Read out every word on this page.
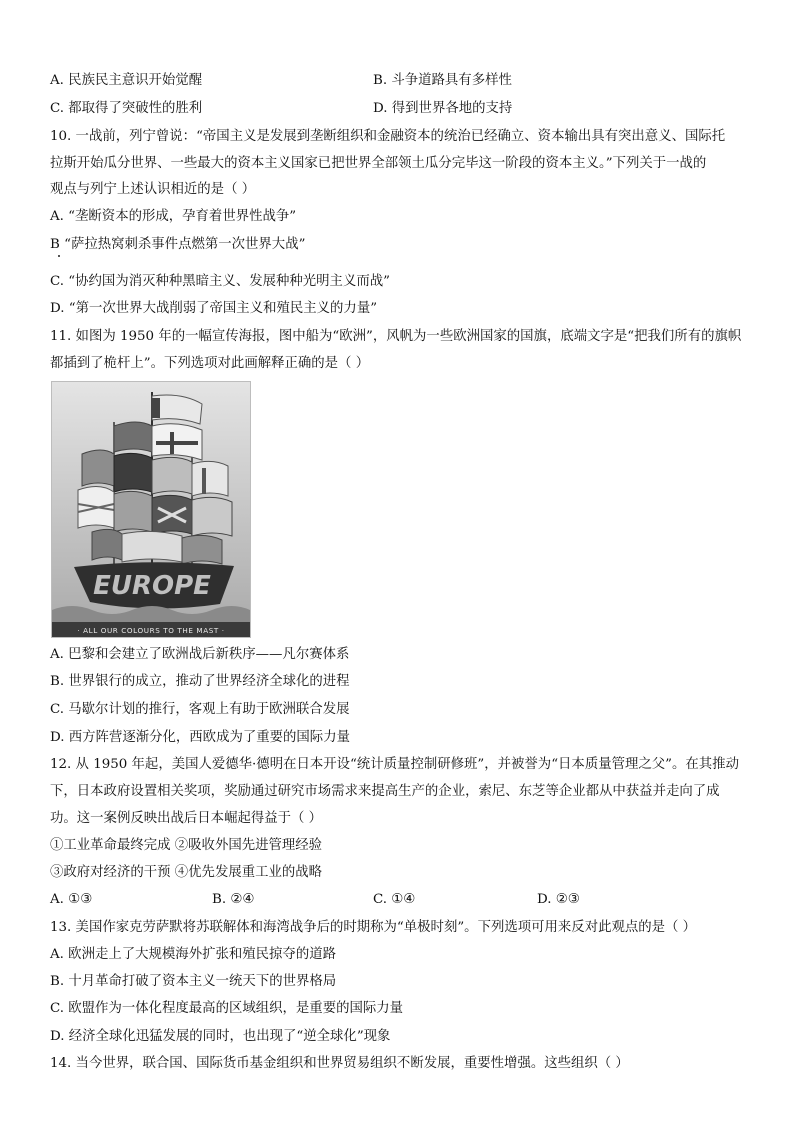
A. 民族民主意识开始觉醒	B. 斗争道路具有多样性
C. 都取得了突破性的胜利	D. 得到世界各地的支持
10. 一战前，列宁曾说：“帝国主义是发展到垄断组织和金融资本的统治已经确立、资本输出具有突出意义、国际托
拉斯开始瓜分世界、一些最大的资本主义国家已把世界全部领土瓜分完毕这一阶段的资本主义。”下列关于一战的
观点与列宁上述认识相近的是（ ）
A. “垄断资本的形成，孕育着世界性战争”
B “萨拉热窝刺杀事件点燃第一次世界大战”
C. “协约国为消灭种种黑暗主义、发展种种光明主义而战”
D. “第一次世界大战削弱了帝国主义和殖民主义的力量”
11. 如图为 1950 年的一幅宣传海报，图中船为“欧洲”，风帆为一些欧洲国家的国旗，底端文字是“把我们所有的旗帜
都插到了桅杆上”。下列选项对此画解释正确的是（ ）
EUROPE
· ALL OUR COLOURS TO THE MAST ·
A. 巴黎和会建立了欧洲战后新秩序——凡尔赛体系
B. 世界银行的成立，推动了世界经济全球化的进程
C. 马歇尔计划的推行，客观上有助于欧洲联合发展
D. 西方阵营逐渐分化，西欧成为了重要的国际力量
12. 从 1950 年起，美国人爱德华·德明在日本开设“统计质量控制研修班”，并被誉为“日本质量管理之父”。在其推动
下，日本政府设置相关奖项，奖励通过研究市场需求来提高生产的企业，索尼、东芝等企业都从中获益并走向了成
功。这一案例反映出战后日本崛起得益于（ ）
①工业革命最终完成 ②吸收外国先进管理经验
③政府对经济的干预 ④优先发展重工业的战略
A. ①③	B. ②④	C. ①④	D. ②③
13. 美国作家克劳萨默将苏联解体和海湾战争后的时期称为“单极时刻”。下列选项可用来反对此观点的是（ ）
A. 欧洲走上了大规模海外扩张和殖民掠夺的道路
B. 十月革命打破了资本主义一统天下的世界格局
C. 欧盟作为一体化程度最高的区域组织，是重要的国际力量
D. 经济全球化迅猛发展的同时，也出现了“逆全球化”现象
14. 当今世界，联合国、国际货币基金组织和世界贸易组织不断发展，重要性增强。这些组织（ ）
